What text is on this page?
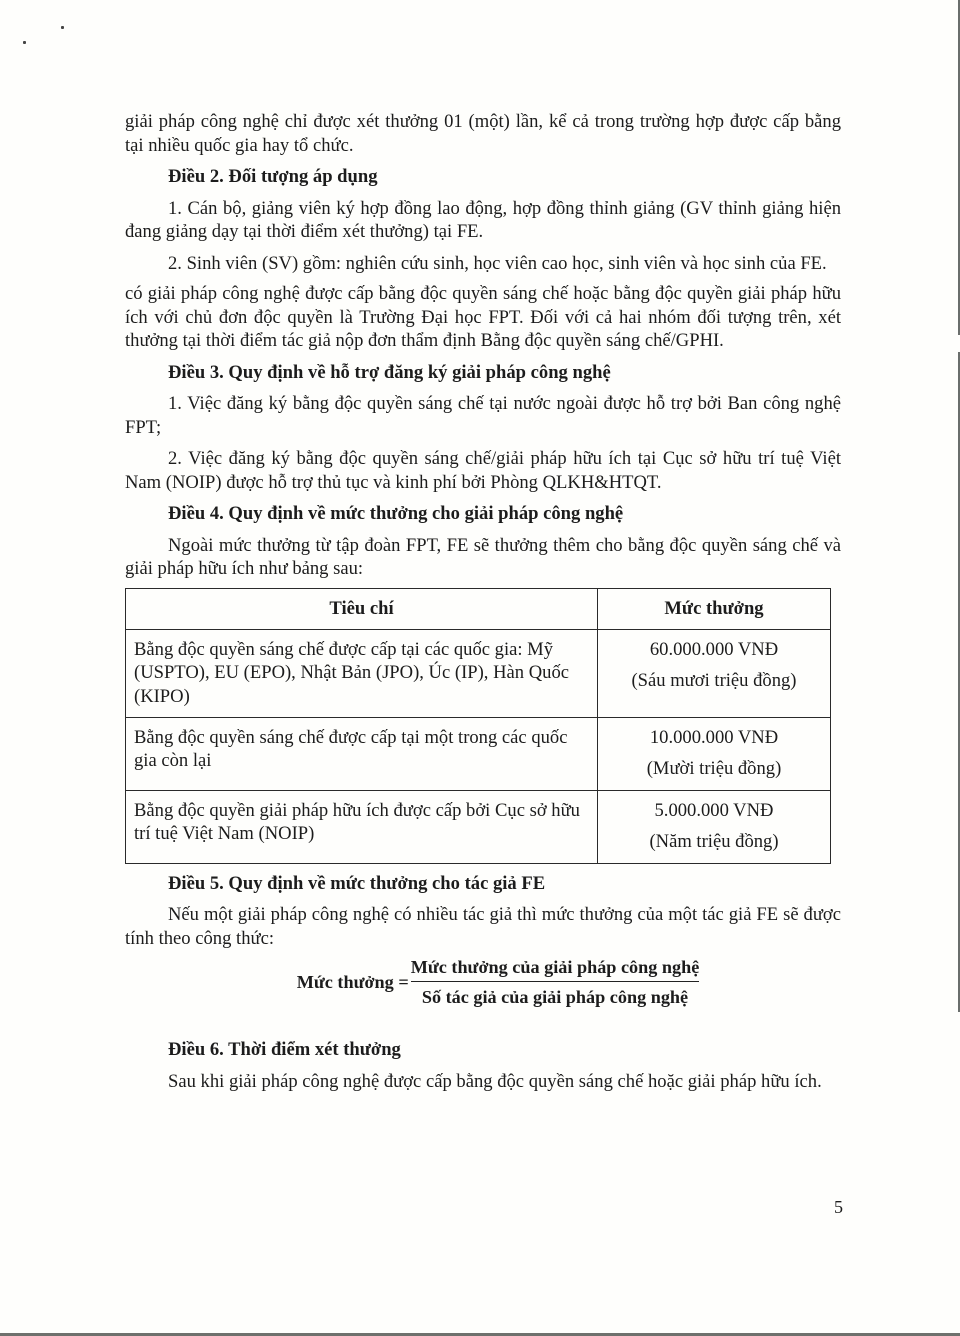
giải pháp công nghệ chỉ được xét thưởng 01 (một) lần, kể cả trong trường hợp được cấp bằng tại nhiều quốc gia hay tổ chức.

Điều 2. Đối tượng áp dụng

1. Cán bộ, giảng viên ký hợp đồng lao động, hợp đồng thỉnh giảng (GV thỉnh giảng hiện đang giảng dạy tại thời điểm xét thưởng) tại FE.

2. Sinh viên (SV) gồm: nghiên cứu sinh, học viên cao học, sinh viên và học sinh của FE.

có giải pháp công nghệ được cấp bằng độc quyền sáng chế hoặc bằng độc quyền giải pháp hữu ích với chủ đơn độc quyền là Trường Đại học FPT. Đối với cả hai nhóm đối tượng trên, xét thưởng tại thời điểm tác giả nộp đơn thẩm định Bằng độc quyền sáng chế/GPHI.

Điều 3. Quy định về hỗ trợ đăng ký giải pháp công nghệ

1. Việc đăng ký bằng độc quyền sáng chế tại nước ngoài được hỗ trợ bởi Ban công nghệ FPT;

2. Việc đăng ký bằng độc quyền sáng chế/giải pháp hữu ích tại Cục sở hữu trí tuệ Việt Nam (NOIP) được hỗ trợ thủ tục và kinh phí bởi Phòng QLKH&HTQT.

Điều 4. Quy định về mức thưởng cho giải pháp công nghệ

Ngoài mức thưởng từ tập đoàn FPT, FE sẽ thưởng thêm cho bằng độc quyền sáng chế và giải pháp hữu ích như bảng sau:

Tiêu chí	Mức thưởng
Bằng độc quyền sáng chế được cấp tại các quốc gia: Mỹ (USPTO), EU (EPO), Nhật Bản (JPO), Úc (IP), Hàn Quốc (KIPO)	60.000.000 VNĐ
(Sáu mươi triệu đồng)

Bằng độc quyền sáng chế được cấp tại một trong các quốc gia còn lại	10.000.000 VNĐ
(Mười triệu đồng)

Bằng độc quyền giải pháp hữu ích được cấp bởi Cục sở hữu trí tuệ Việt Nam (NOIP)	5.000.000 VNĐ
(Năm triệu đồng)

Điều 5. Quy định về mức thưởng cho tác giả FE

Nếu một giải pháp công nghệ có nhiều tác giả thì mức thưởng của một tác giả FE sẽ được tính theo công thức:

Mức thưởng = $\frac{\text{Mức thưởng của giải pháp công nghệ}}{\text{Số tác giả của giải pháp công nghệ}}$

Điều 6. Thời điểm xét thưởng

Sau khi giải pháp công nghệ được cấp bằng độc quyền sáng chế hoặc giải pháp hữu ích.

5
